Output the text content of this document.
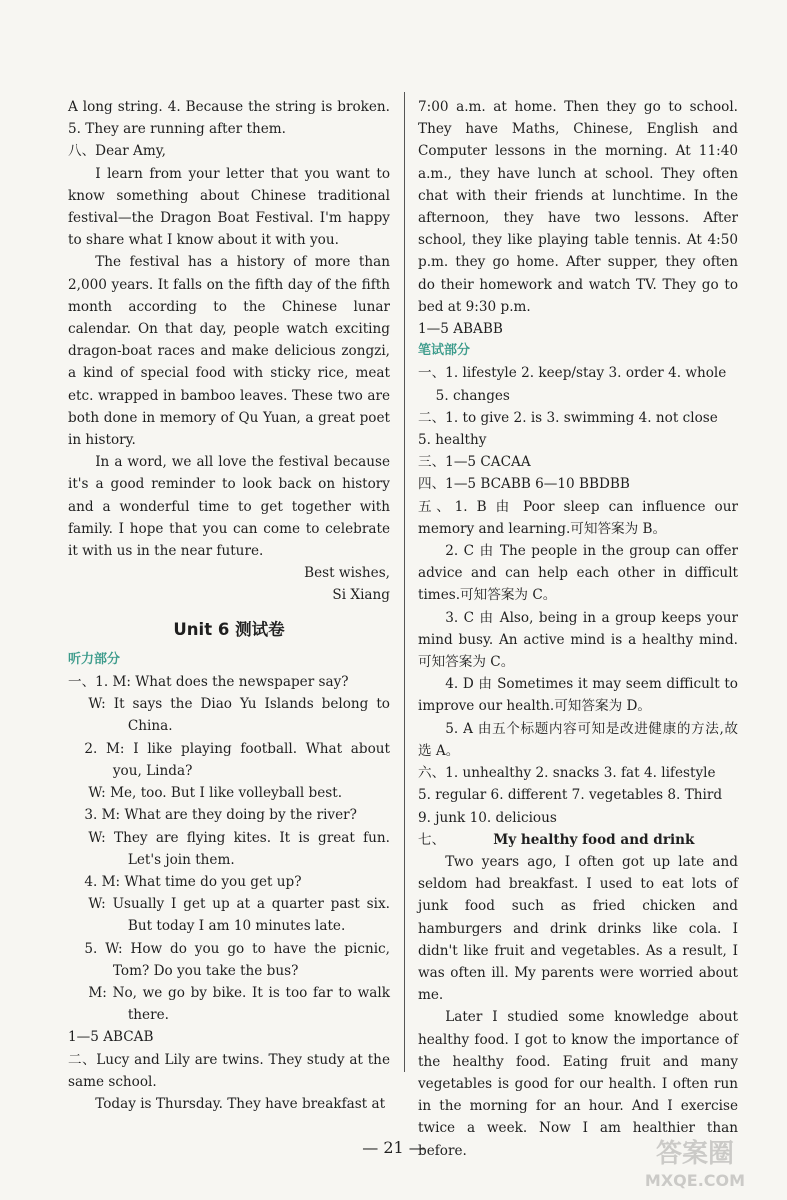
A long string. 4. Because the string is broken. 5. They are running after them.

八、Dear Amy,

I learn from your letter that you want to know something about Chinese traditional festival—the Dragon Boat Festival. I'm happy to share what I know about it with you.

The festival has a history of more than 2,000 years. It falls on the fifth day of the fifth month according to the Chinese lunar calendar. On that day, people watch exciting dragon-boat races and make delicious zongzi, a kind of special food with sticky rice, meat etc. wrapped in bamboo leaves. These two are both done in memory of Qu Yuan, a great poet in history.

In a word, we all love the festival because it's a good reminder to look back on history and a wonderful time to get together with family. I hope that you can come to celebrate it with us in the near future.

Best wishes,

Si Xiang

Unit 6 测试卷
听力部分

一、1. M: What does the newspaper say?

W: It says the Diao Yu Islands belong to China.

2. M: I like playing football. What about you, Linda?

W: Me, too. But I like volleyball best.

3. M: What are they doing by the river?

W: They are flying kites. It is great fun. Let's join them.

4. M: What time do you get up?

W: Usually I get up at a quarter past six. But today I am 10 minutes late.

5. W: How do you go to have the picnic, Tom? Do you take the bus?

M: No, we go by bike. It is too far to walk there.

1—5 ABCAB

二、Lucy and Lily are twins. They study at the same school.

Today is Thursday. They have breakfast at

7:00 a.m. at home. Then they go to school. They have Maths, Chinese, English and Computer lessons in the morning. At 11:40 a.m., they have lunch at school. They often chat with their friends at lunchtime. In the afternoon, they have two lessons. After school, they like playing table tennis. At 4:50 p.m. they go home. After supper, they often do their homework and watch TV. They go to bed at 9:30 p.m.

1—5 ABABB

笔试部分

一、1. lifestyle 2. keep/stay 3. order 4. whole

5. changes

二、1. to give 2. is 3. swimming 4. not close

5. healthy

三、1—5 CACAA

四、1—5 BCABB 6—10 BBDBB

五、1. B 由 Poor sleep can influence our memory and learning.可知答案为 B。

2. C 由 The people in the group can offer advice and can help each other in difficult times.可知答案为 C。

3. C 由 Also, being in a group keeps your mind busy. An active mind is a healthy mind.可知答案为 C。

4. D 由 Sometimes it may seem difficult to improve our health.可知答案为 D。

5. A 由五个标题内容可知是改进健康的方法,故选 A。

六、1. unhealthy 2. snacks 3. fat 4. lifestyle

5. regular 6. different 7. vegetables 8. Third

9. junk 10. delicious

七、	My healthy food and drink

Two years ago, I often got up late and seldom had breakfast. I used to eat lots of junk food such as fried chicken and hamburgers and drink drinks like cola. I didn't like fruit and vegetables. As a result, I was often ill. My parents were worried about me.

Later I studied some knowledge about healthy food. I got to know the importance of the healthy food. Eating fruit and many vegetables is good for our health. I often run in the morning for an hour. And I exercise twice a week. Now I am healthier than before.

— 21 —	答案圈
MXQE.COM
